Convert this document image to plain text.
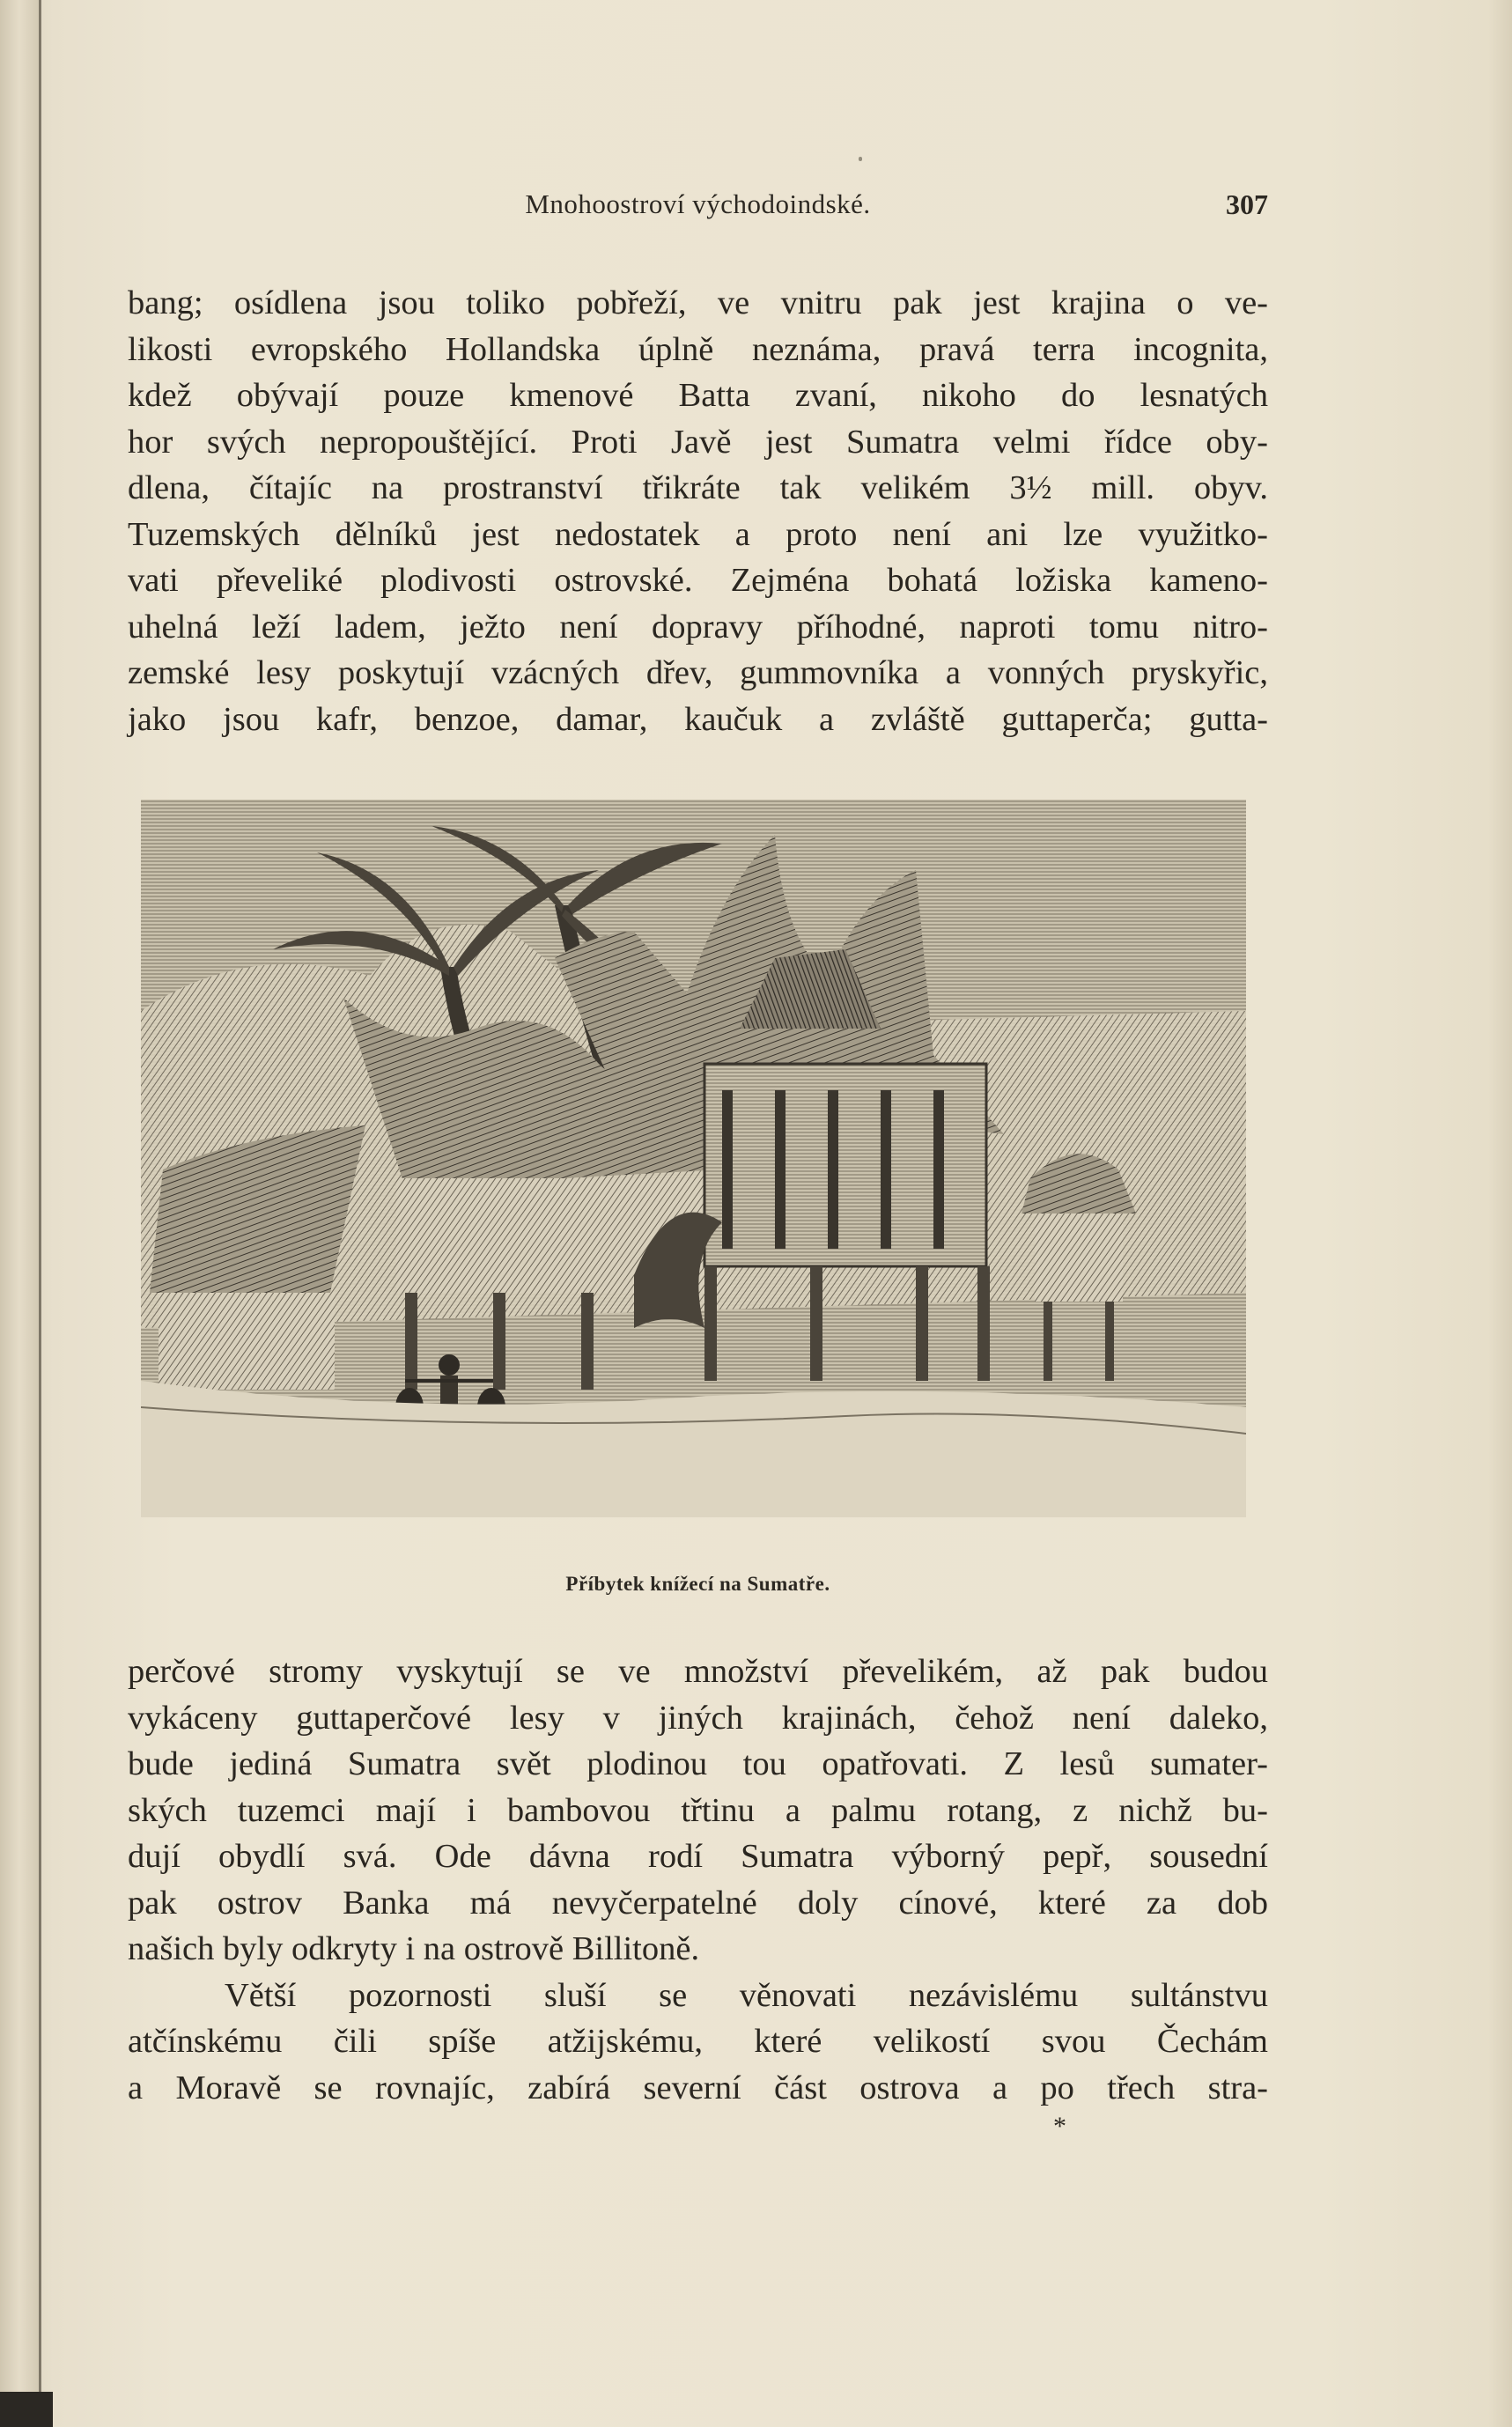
Mnohoostroví východoindské.	307
bang; osídlena jsou toliko pobřeží, ve vnitru pak jest krajina o ve-
likosti evropského Hollandska úplně neznáma, pravá terra incognita,
kdež obývají pouze kmenové Batta zvaní, nikoho do lesnatých
hor svých nepropouštějící. Proti Javě jest Sumatra velmi řídce oby-
dlena, čítajíc na prostranství třikráte tak velikém 3½ mill. obyv.
Tuzemských dělníků jest nedostatek a proto není ani lze využitko-
vati převeliké plodivosti ostrovské. Zejména bohatá ložiska kameno-
uhelná leží ladem, ježto není dopravy příhodné, naproti tomu nitro-
zemské lesy poskytují vzácných dřev, gummovníka a vonných pryskyřic,
jako jsou kafr, benzoe, damar, kaučuk a zvláště guttaperča; gutta-
Příbytek knížecí na Sumatře.
perčové stromy vyskytují se ve množství převelikém, až pak budou
vykáceny guttaperčové lesy v jiných krajinách, čehož není daleko,
bude jediná Sumatra svět plodinou tou opatřovati. Z lesů sumater-
ských tuzemci mají i bambovou třtinu a palmu rotang, z nichž bu-
dují obydlí svá. Ode dávna rodí Sumatra výborný pepř, sousední
pak ostrov Banka má nevyčerpatelné doly cínové, které za dob
našich byly odkryty i na ostrově Billitoně.
Větší pozornosti sluší se věnovati nezávislému sultánstvu
atčínskému čili spíše atžijskému, které velikostí svou Čechám
a Moravě se rovnajíc, zabírá severní část ostrova a po třech stra-
*
